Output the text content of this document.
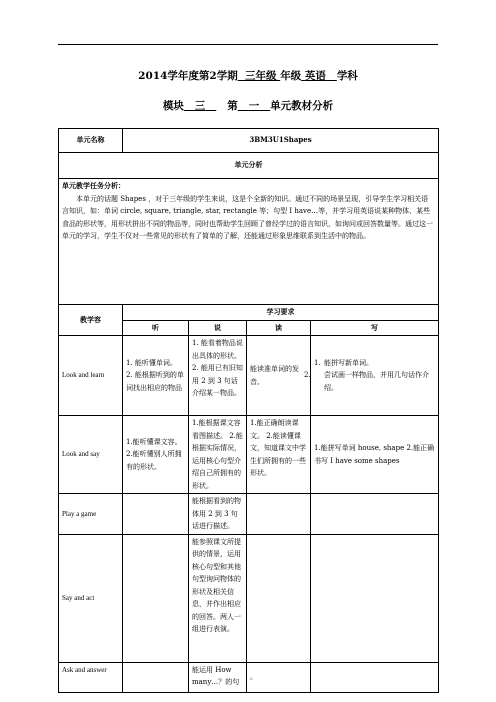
2014学年度第2学期 三年级 年级 英语 学科
模块 三 第 一 单元教材分析
单元名称	3BM3U1Shapes			
单元分析				

单元教学任务分析：
本单元的话题 Shapes ，对于三年级的学生来说，这是个全新的知识。通过不同的场景呈现，引导学生学习相关语言知识，如：单词 circle, square, triangle, star, rectangle 等；句型 I have…等，并学习用英语说某种物体、某些食品的形状等，用形状拼出不同的物品等，同时也帮助学生回顾了曾经学过的语言知识，如询问或回答数量等。通过这一单元的学习，学生不仅对一些常见的形状有了简单的了解，还能通过形象思维联系到生活中的物品。				

教学容	学习要求			
	听	说	读	写
Look and learn	1. 能听懂单词。 2. 能根据听到的单词找出相应的物品	1. 能看着物品说出具体的形状。 2. 能用已有旧知用 2 到 3 句话介绍某一物品。	能读准单词的发音。	1. 能拼写新单词。
2. 尝试画一样物品，并用几句话作介绍。

Look and say	1.能听懂课文容。 2.能听懂别人所拥有的形状。	1.能根据课文容看图描述。 2.能根据实际情况，运用核心句型介绍自己所拥有的形状。	1.能正确朗读课文。 2.能读懂课文，知道课文中学生们所拥有的一些形状。	1.能拼写单词 house, shape 2.能正确书写 I have some shapes
Play a game		能根据看到的物体用 2 到 3 句话进行描述。		
Say and act		能参照课文所提供的情景，运用核心句型和其他句型询问物体的形状及相关信息，并作出相应的回答。两人一组进行表演。		
Ask and answer		能运用 How many…？的句	。	
